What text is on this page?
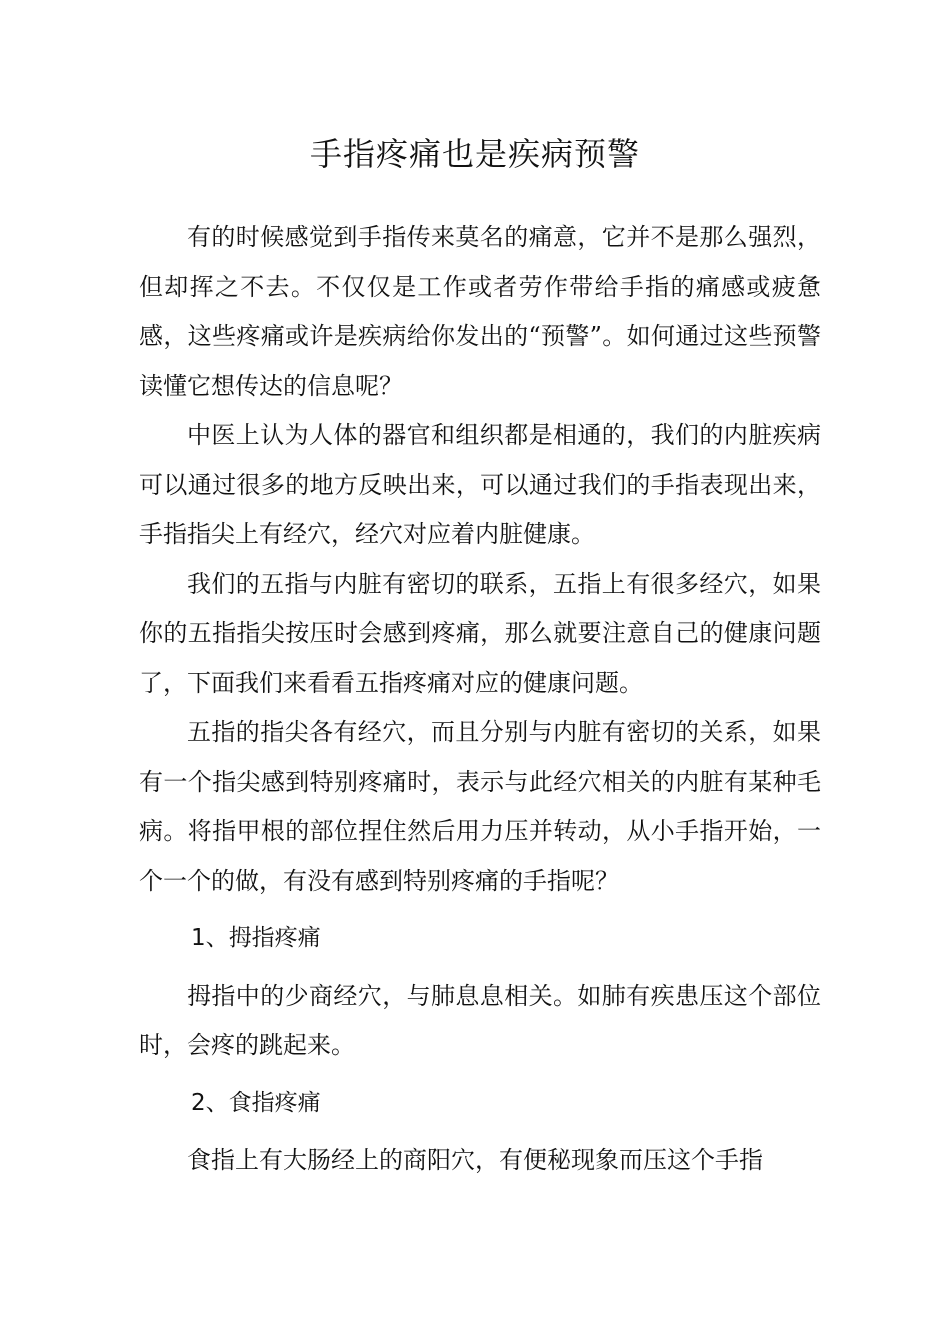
手指疼痛也是疾病预警

有的时候感觉到手指传来莫名的痛意，它并不是那么强烈，但却挥之不去。不仅仅是工作或者劳作带给手指的痛感或疲惫感，这些疼痛或许是疾病给你发出的“预警”。如何通过这些预警读懂它想传达的信息呢？

中医上认为人体的器官和组织都是相通的，我们的内脏疾病可以通过很多的地方反映出来，可以通过我们的手指表现出来，手指指尖上有经穴，经穴对应着内脏健康。

我们的五指与内脏有密切的联系，五指上有很多经穴，如果你的五指指尖按压时会感到疼痛，那么就要注意自己的健康问题了，下面我们来看看五指疼痛对应的健康问题。

五指的指尖各有经穴，而且分别与内脏有密切的关系，如果有一个指尖感到特别疼痛时，表示与此经穴相关的内脏有某种毛病。将指甲根的部位捏住然后用力压并转动，从小手指开始，一个一个的做，有没有感到特别疼痛的手指呢？

1、拇指疼痛

拇指中的少商经穴，与肺息息相关。如肺有疾患压这个部位时，会疼的跳起来。

2、食指疼痛

食指上有大肠经上的商阳穴，有便秘现象而压这个手指
